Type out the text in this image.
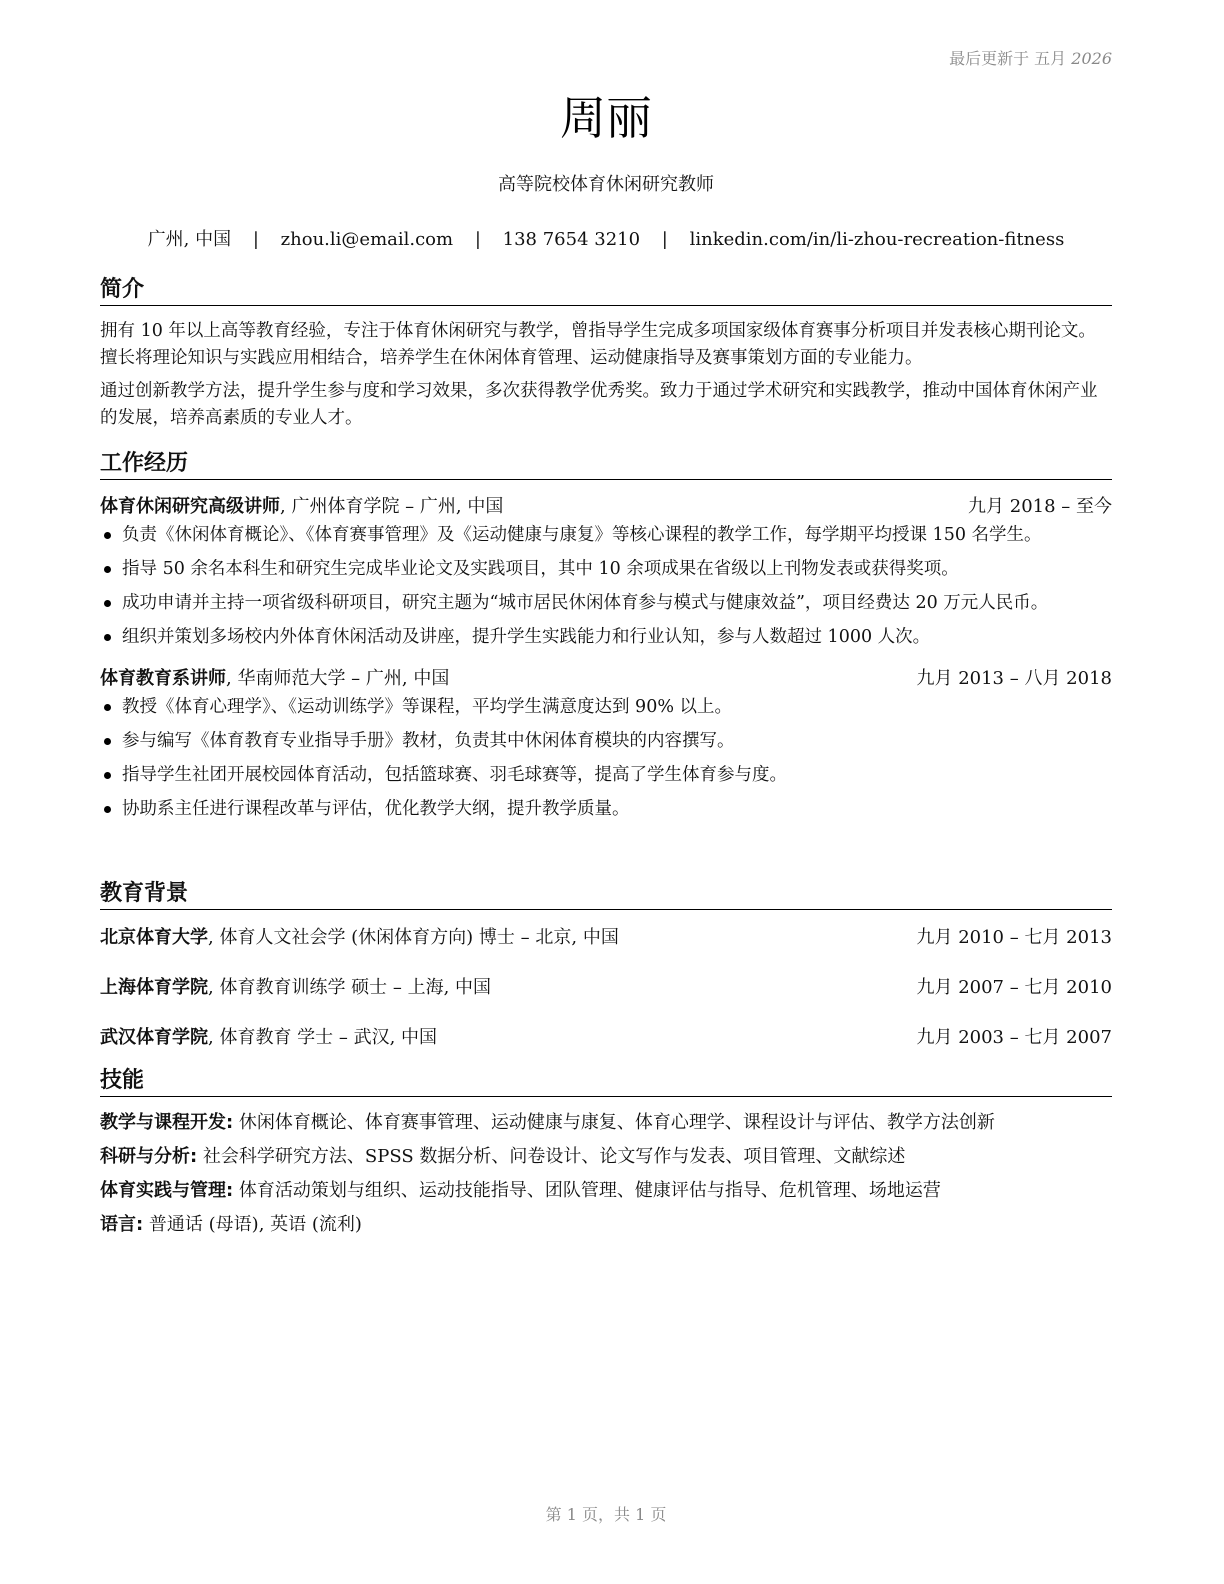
最后更新于 五月 2026
周丽
高等院校体育休闲研究教师
广州, 中国 | zhou.li@email.com | 138 7654 3210 | linkedin.com/in/li-zhou-recreation-fitness
简介

拥有 10 年以上高等教育经验，专注于体育休闲研究与教学，曾指导学生完成多项国家级体育赛事分析项目并发表核心期刊论文。擅长将理论知识与实践应用相结合，培养学生在休闲体育管理、运动健康指导及赛事策划方面的专业能力。

通过创新教学方法，提升学生参与度和学习效果，多次获得教学优秀奖。致力于通过学术研究和实践教学，推动中国体育休闲产业的发展，培养高素质的专业人才。

工作经历
体育休闲研究高级讲师, 广州体育学院 – 广州, 中国	九月 2018 – 至今
负责《休闲体育概论》、《体育赛事管理》及《运动健康与康复》等核心课程的教学工作，每学期平均授课 150 名学生。
指导 50 余名本科生和研究生完成毕业论文及实践项目，其中 10 余项成果在省级以上刊物发表或获得奖项。
成功申请并主持一项省级科研项目，研究主题为“城市居民休闲体育参与模式与健康效益”，项目经费达 20 万元人民币。
组织并策划多场校内外体育休闲活动及讲座，提升学生实践能力和行业认知，参与人数超过 1000 人次。
体育教育系讲师, 华南师范大学 – 广州, 中国	九月 2013 – 八月 2018
教授《体育心理学》、《运动训练学》等课程，平均学生满意度达到 90% 以上。
参与编写《体育教育专业指导手册》教材，负责其中休闲体育模块的内容撰写。
指导学生社团开展校园体育活动，包括篮球赛、羽毛球赛等，提高了学生体育参与度。
协助系主任进行课程改革与评估，优化教学大纲，提升教学质量。
教育背景
北京体育大学, 体育人文社会学 (休闲体育方向) 博士 – 北京, 中国	九月 2010 – 七月 2013
上海体育学院, 体育教育训练学 硕士 – 上海, 中国	九月 2007 – 七月 2010
武汉体育学院, 体育教育 学士 – 武汉, 中国	九月 2003 – 七月 2007
技能
教学与课程开发: 休闲体育概论、体育赛事管理、运动健康与康复、体育心理学、课程设计与评估、教学方法创新
科研与分析: 社会科学研究方法、SPSS 数据分析、问卷设计、论文写作与发表、项目管理、文献综述
体育实践与管理: 体育活动策划与组织、运动技能指导、团队管理、健康评估与指导、危机管理、场地运营
语言: 普通话 (母语), 英语 (流利)
第 1 页，共 1 页
